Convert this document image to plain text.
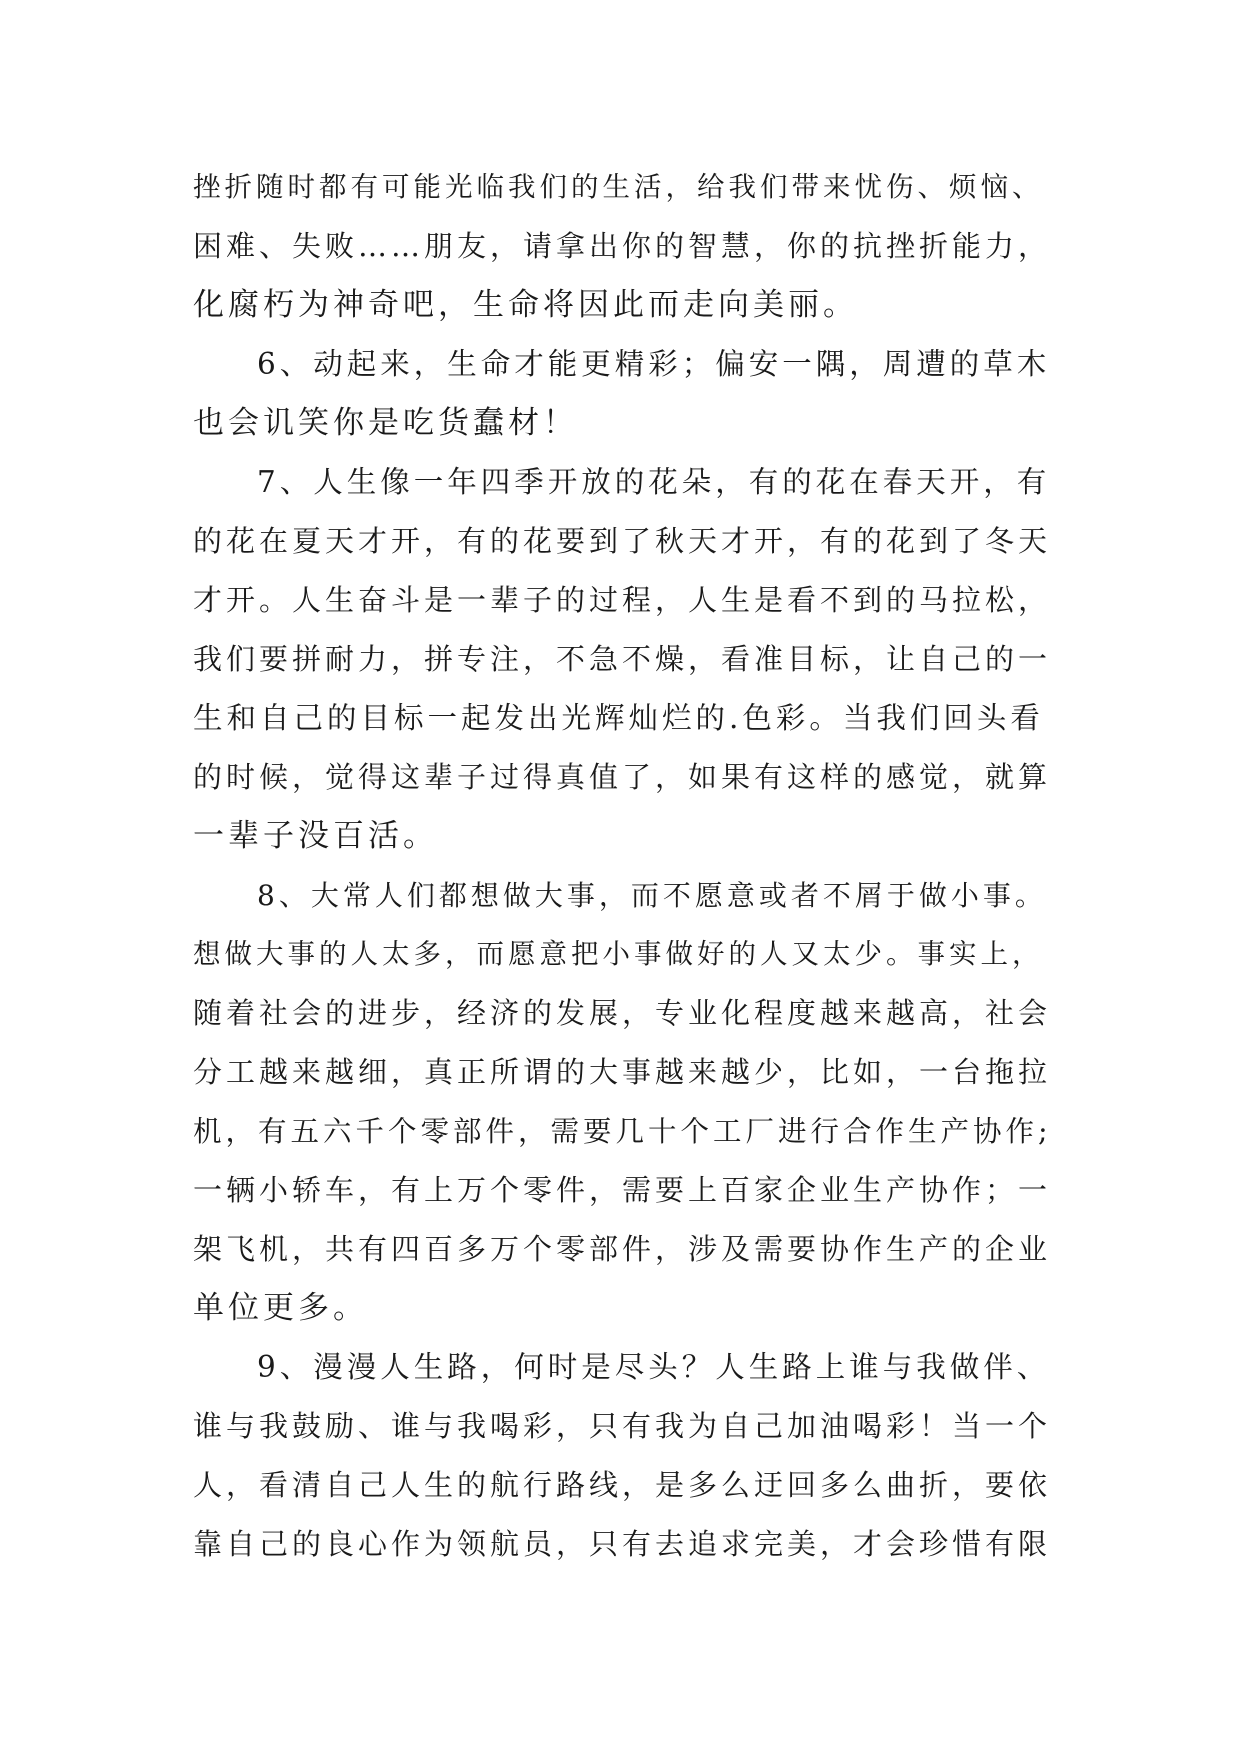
挫折随时都有可能光临我们的生活，给我们带来忧伤、烦恼、
困难、失败……朋友，请拿出你的智慧，你的抗挫折能力，
化腐朽为神奇吧，生命将因此而走向美丽。
6、动起来，生命才能更精彩；偏安一隅，周遭的草木
也会讥笑你是吃货蠢材！
7、人生像一年四季开放的花朵，有的花在春天开，有
的花在夏天才开，有的花要到了秋天才开，有的花到了冬天
才开。人生奋斗是一辈子的过程，人生是看不到的马拉松，
我们要拼耐力，拼专注，不急不燥，看准目标，让自己的一
生和自己的目标一起发出光辉灿烂的.色彩。当我们回头看
的时候，觉得这辈子过得真值了，如果有这样的感觉，就算
一辈子没百活。
8、大常人们都想做大事，而不愿意或者不屑于做小事。
想做大事的人太多，而愿意把小事做好的人又太少。事实上，
随着社会的进步，经济的发展，专业化程度越来越高，社会
分工越来越细，真正所谓的大事越来越少，比如，一台拖拉
机，有五六千个零部件，需要几十个工厂进行合作生产协作;
一辆小轿车，有上万个零件，需要上百家企业生产协作；一
架飞机，共有四百多万个零部件，涉及需要协作生产的企业
单位更多。
9、漫漫人生路，何时是尽头？人生路上谁与我做伴、
谁与我鼓励、谁与我喝彩，只有我为自己加油喝彩！当一个
人，看清自己人生的航行路线，是多么迂回多么曲折，要依
靠自己的良心作为领航员，只有去追求完美，才会珍惜有限
